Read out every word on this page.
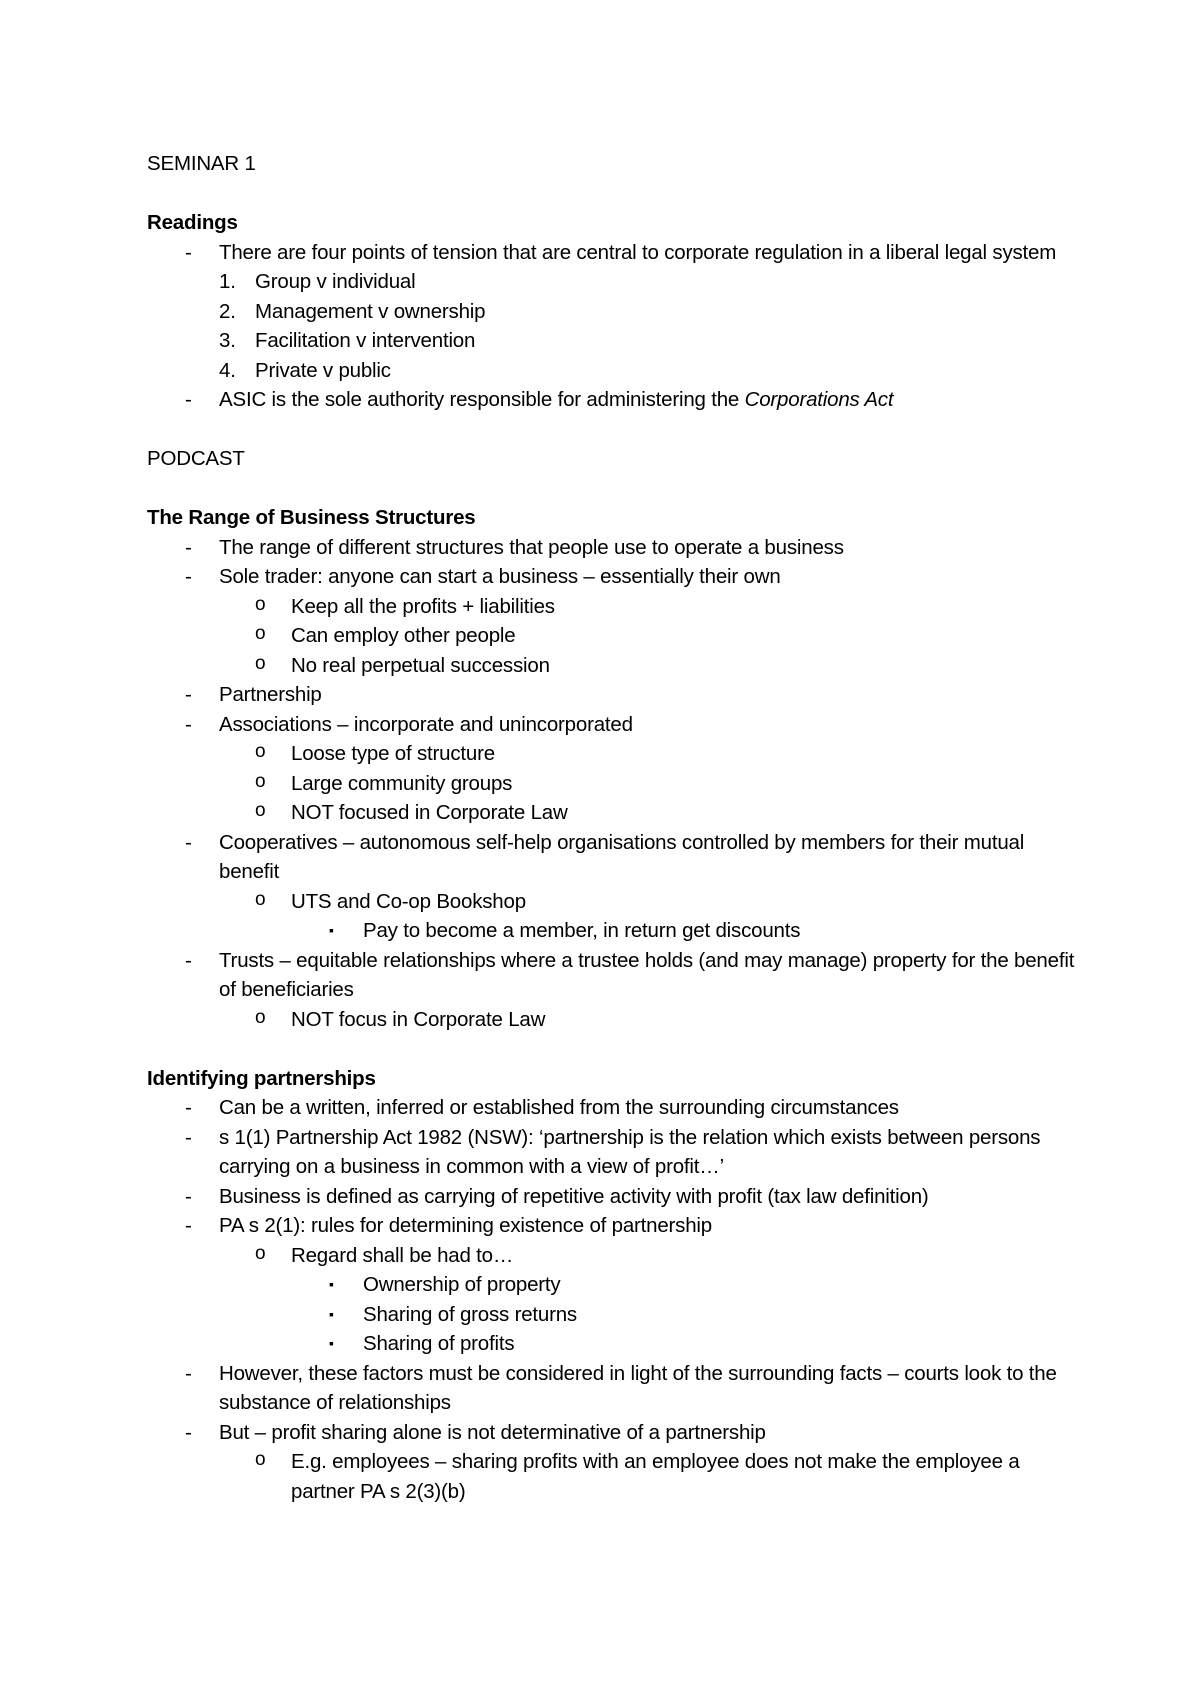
SEMINAR 1

Readings

- There are four points of tension that are central to corporate regulation in a liberal legal system
1. Group v individual
2. Management v ownership
3. Facilitation v intervention
4. Private v public
- ASIC is the sole authority responsible for administering the Corporations Act

PODCAST

The Range of Business Structures

- The range of different structures that people use to operate a business
- Sole trader: anyone can start a business – essentially their own
o Keep all the profits + liabilities
o Can employ other people
o No real perpetual succession
- Partnership
- Associations – incorporate and unincorporated
o Loose type of structure
o Large community groups
o NOT focused in Corporate Law
- Cooperatives – autonomous self-help organisations controlled by members for their mutual benefit
o UTS and Co-op Bookshop
▪ Pay to become a member, in return get discounts
- Trusts – equitable relationships where a trustee holds (and may manage) property for the benefit of beneficiaries
o NOT focus in Corporate Law

Identifying partnerships

- Can be a written, inferred or established from the surrounding circumstances
- s 1(1) Partnership Act 1982 (NSW): ‘partnership is the relation which exists between persons carrying on a business in common with a view of profit…’
- Business is defined as carrying of repetitive activity with profit (tax law definition)
- PA s 2(1): rules for determining existence of partnership
o Regard shall be had to…
▪ Ownership of property
▪ Sharing of gross returns
▪ Sharing of profits
- However, these factors must be considered in light of the surrounding facts – courts look to the substance of relationships
- But – profit sharing alone is not determinative of a partnership
o E.g. employees – sharing profits with an employee does not make the employee a partner PA s 2(3)(b)
